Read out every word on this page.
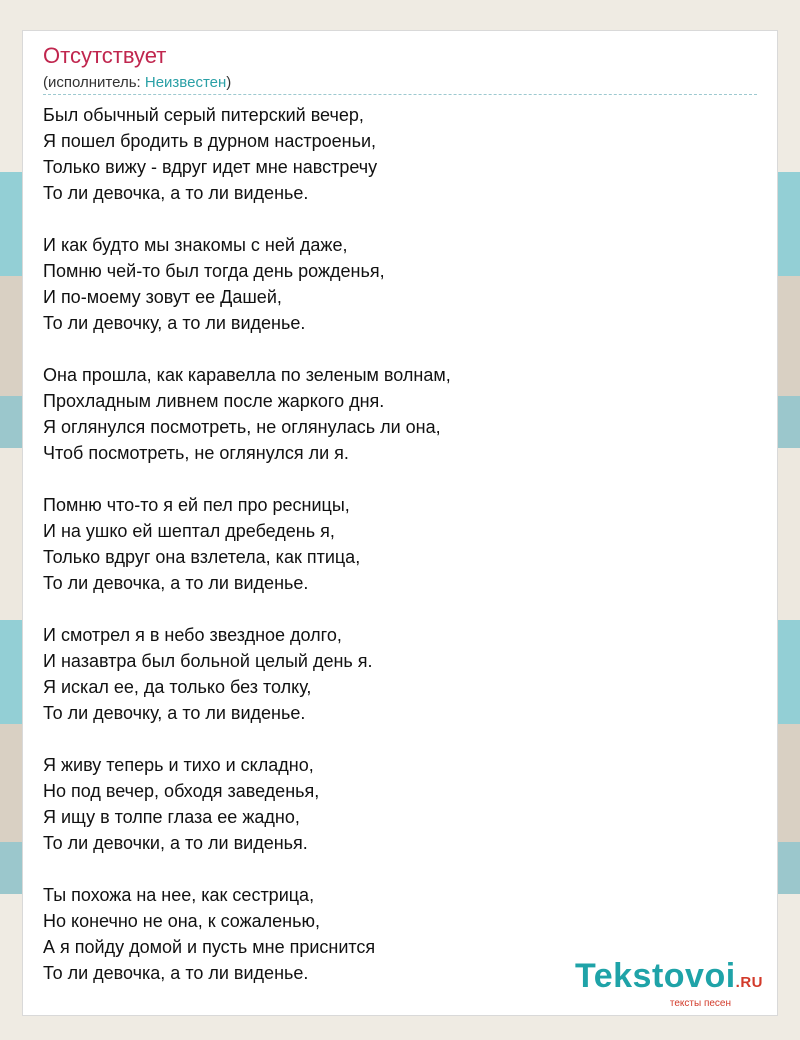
Отсутствует
(исполнитель: Неизвестен)
Был обычный серый питерский вечер,
Я пошел бродить в дурном настроеньи,
Только вижу - вдруг идет мне навстречу
То ли девочка, а то ли виденье.
И как будто мы знакомы с ней даже,
Помню чей-то был тогда день рожденья,
И по-моему зовут ее Дашей,
То ли девочку, а то ли виденье.
Она прошла, как каравелла по зеленым волнам,
Прохладным ливнем после жаркого дня.
Я оглянулся посмотреть, не оглянулась ли она,
Чтоб посмотреть, не оглянулся ли я.
Помню что-то я ей пел про ресницы,
И на ушко ей шептал дребедень я,
Только вдруг она взлетела, как птица,
То ли девочка, а то ли виденье.
И смотрел я в небо звездное долго,
И назавтра был больной целый день я.
Я искал ее, да только без толку,
То ли девочку, а то ли виденье.
Я живу теперь и тихо и складно,
Но под вечер, обходя заведенья,
Я ищу в толпе глаза ее жадно,
То ли девочки, а то ли виденья.
Ты похожа на нее, как сестрица,
Но конечно не она, к сожаленью,
А я пойду домой и пусть мне приснится
То ли девочка, а то ли виденье.	Tekstovoi.RU
тексты песен
